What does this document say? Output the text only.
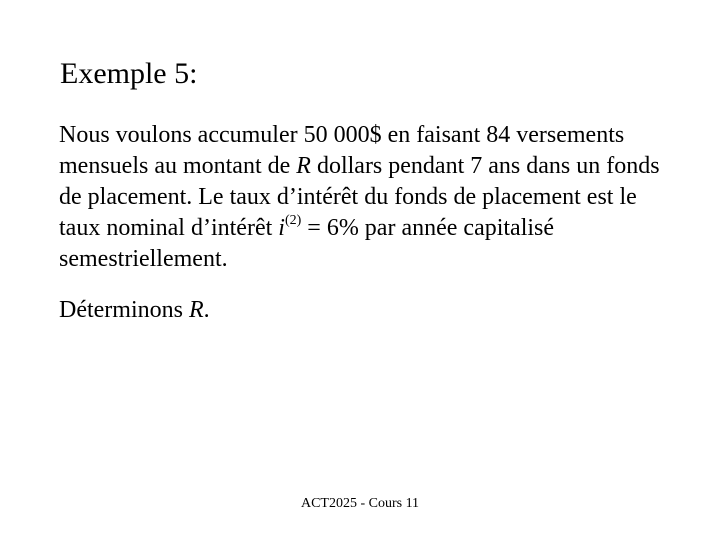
Exemple 5:
Nous voulons accumuler 50 000$ en faisant 84 versements
mensuels au montant de R dollars pendant 7 ans dans un fonds
de placement. Le taux d’intérêt du fonds de placement est le
taux nominal d’intérêt $i^{(2)} = 6\%$ par année capitalisé
semestriellement.
Déterminons R.
ACT2025 - Cours 11
